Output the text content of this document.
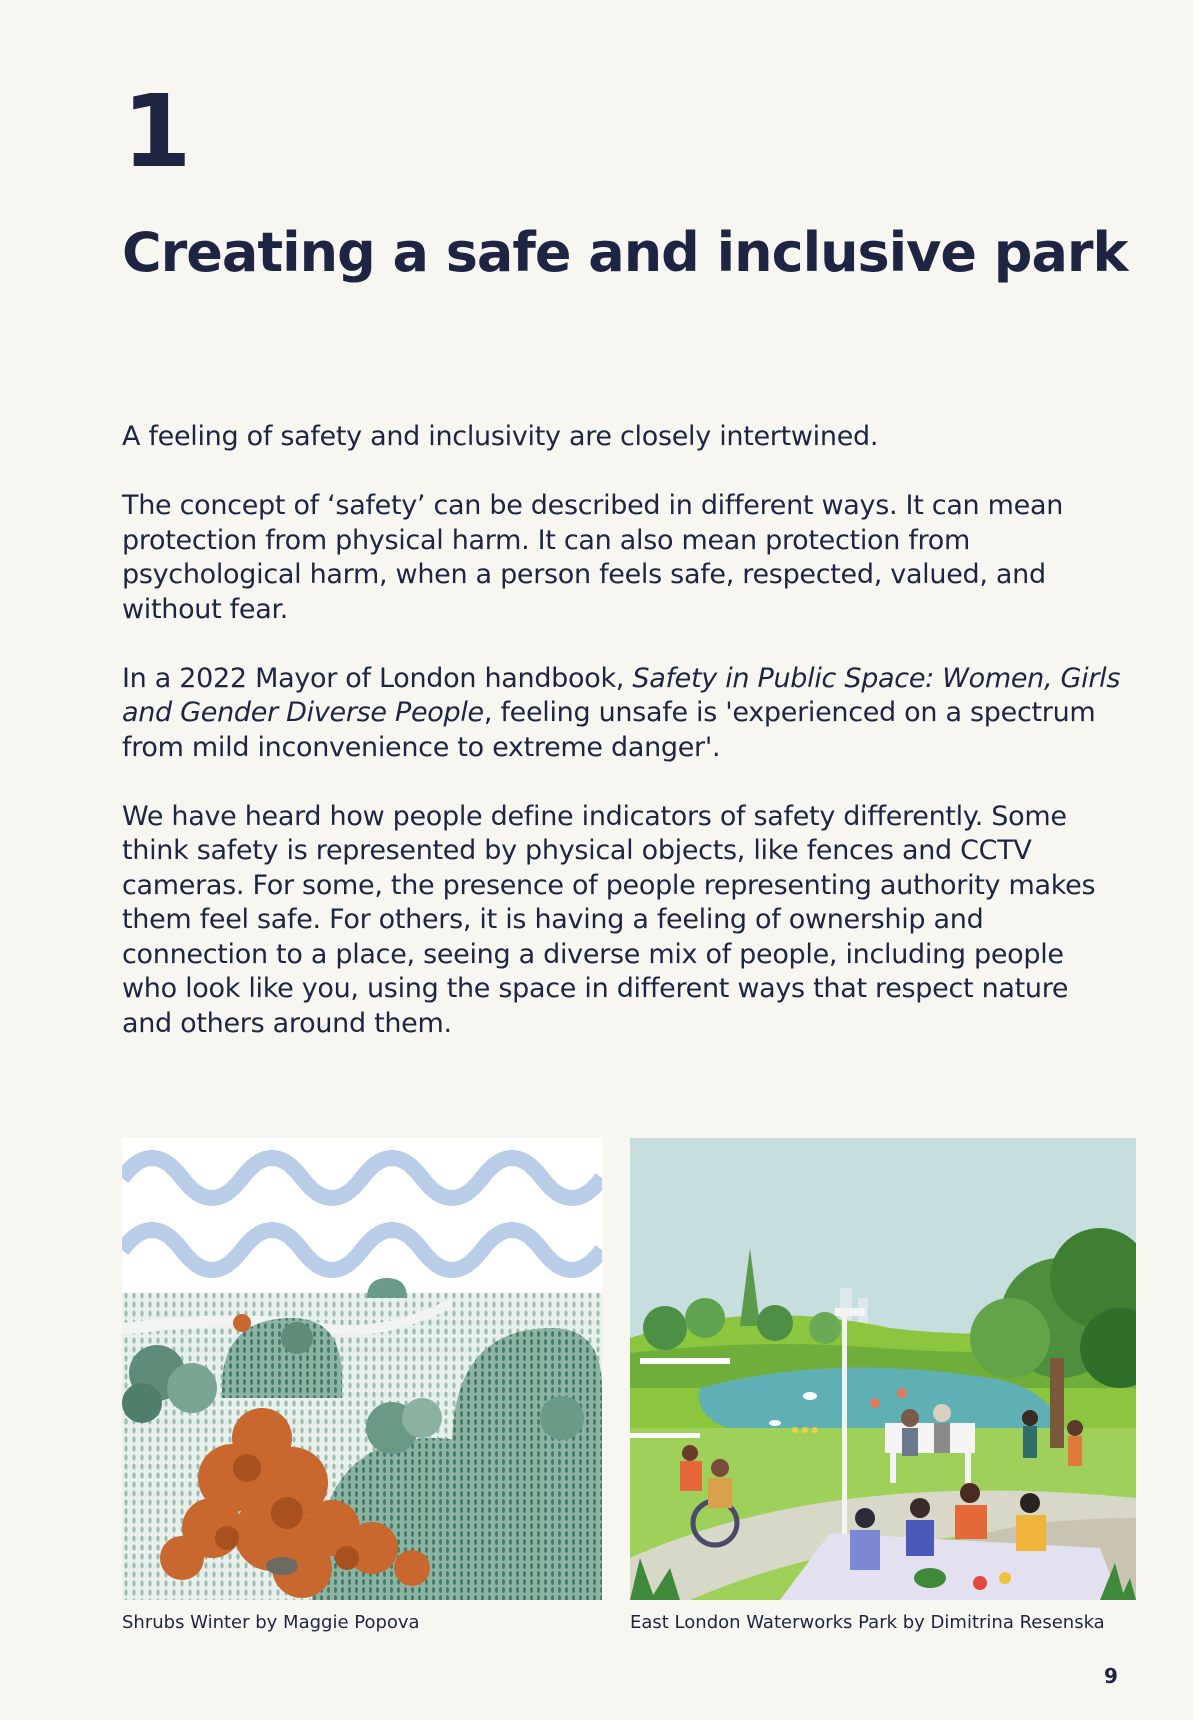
1
Creating a safe and inclusive park

A feeling of safety and inclusivity are closely intertwined.

The concept of ‘safety’ can be described in different ways. It can mean protection from physical harm. It can also mean protection from psychological harm, when a person feels safe, respected, valued, and without fear.

In a 2022 Mayor of London handbook, Safety in Public Space: Women, Girls and Gender Diverse People, feeling unsafe is 'experienced on a spectrum from mild inconvenience to extreme danger'.

We have heard how people define indicators of safety differently. Some think safety is represented by physical objects, like fences and CCTV cameras. For some, the presence of people representing authority makes them feel safe. For others, it is having a feeling of ownership and connection to a place, seeing a diverse mix of people, including people who look like you, using the space in different ways that respect nature and others around them.

Shrubs Winter by Maggie Popova	East London Waterworks Park by Dimitrina Resenska
9
